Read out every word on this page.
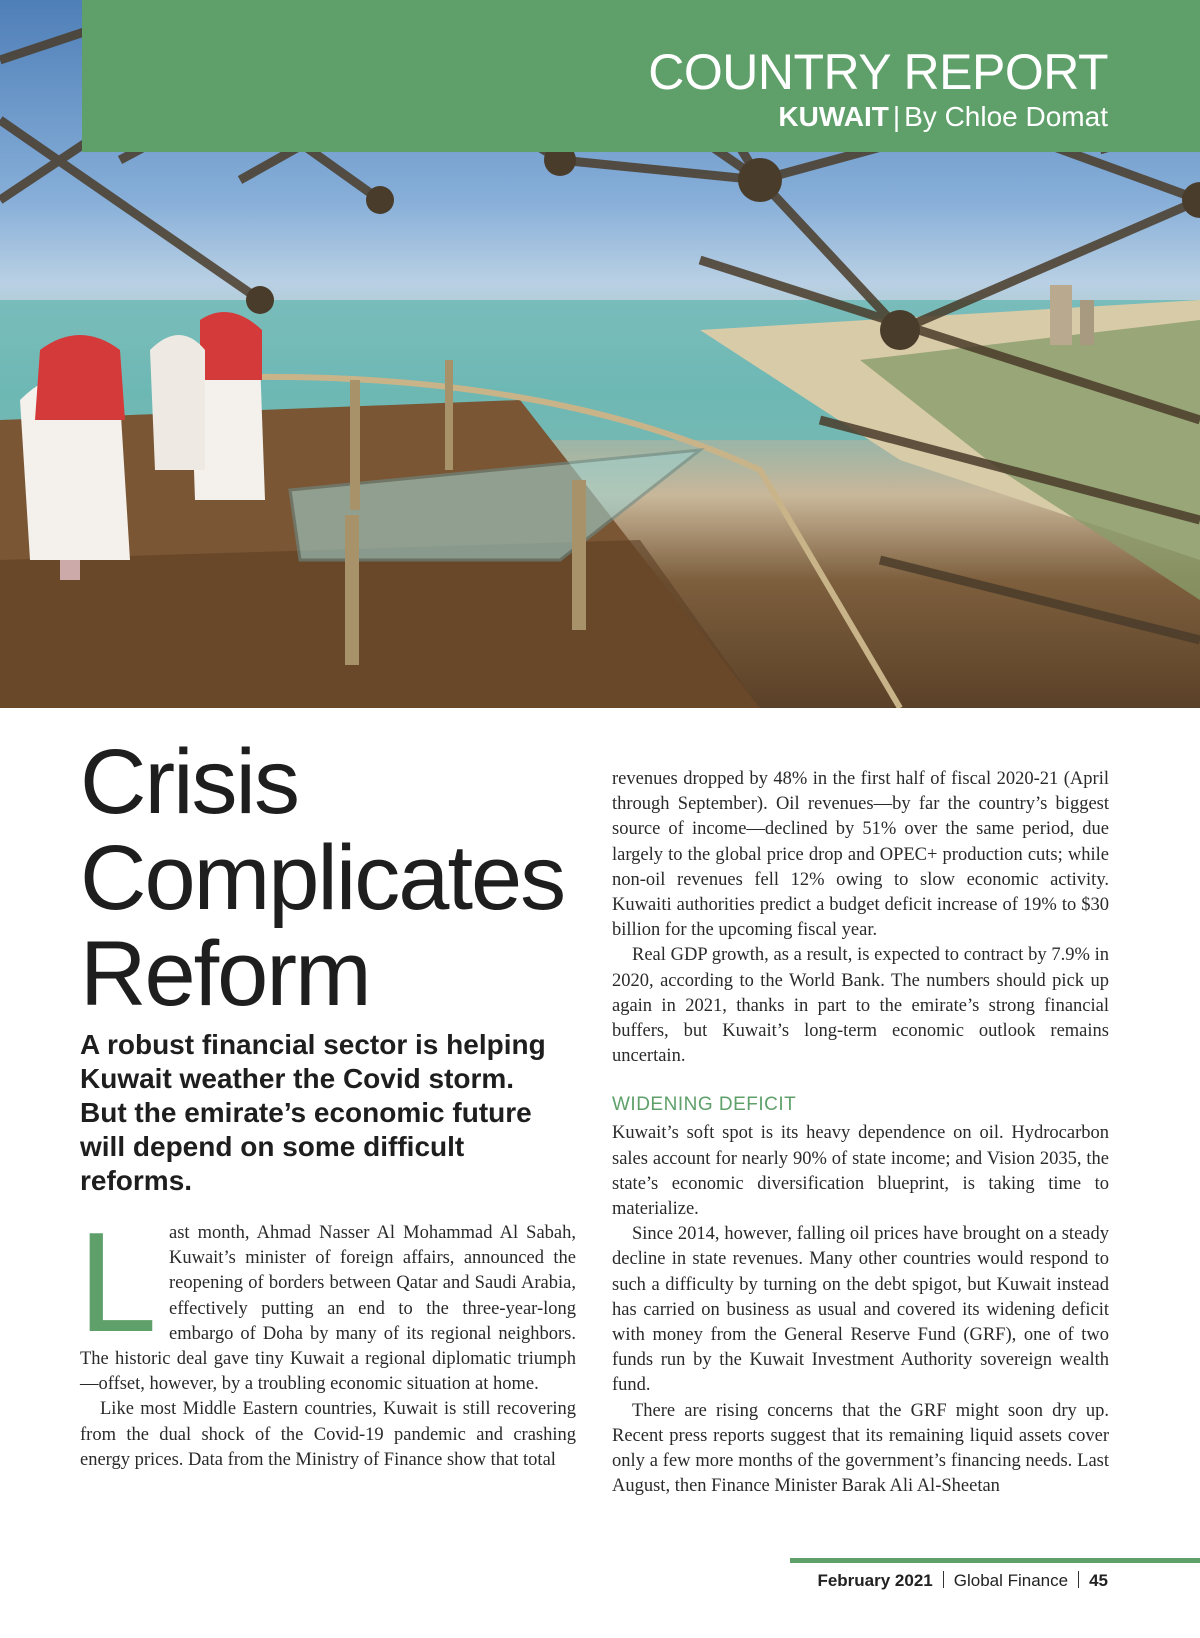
COUNTRY REPORT
KUWAIT | By Chloe Domat
Crisis
Complicates
Reform

A robust financial sector is helping Kuwait weather the Covid storm. But the emirate’s economic future will depend on some difficult reforms.

Last month, Ahmad Nasser Al Mohammad Al Sabah, Kuwait’s minister of foreign affairs, announced the reopening of borders between Qatar and Saudi Arabia, effectively putting an end to the three-year-long embargo of Doha by many of its regional neighbors. The historic deal gave tiny Kuwait a regional diplomatic triumph—offset, however, by a troubling economic situation at home.

Like most Middle Eastern countries, Kuwait is still recovering from the dual shock of the Covid-19 pandemic and crashing energy prices. Data from the Ministry of Finance show that total

revenues dropped by 48% in the first half of fiscal 2020-21 (April through September). Oil revenues—by far the country’s biggest source of income—declined by 51% over the same period, due largely to the global price drop and OPEC+ production cuts; while non-oil revenues fell 12% owing to slow economic activity. Kuwaiti authorities predict a budget deficit increase of 19% to $30 billion for the upcoming fiscal year.

Real GDP growth, as a result, is expected to contract by 7.9% in 2020, according to the World Bank. The numbers should pick up again in 2021, thanks in part to the emirate’s strong financial buffers, but Kuwait’s long-term economic outlook remains uncertain.

WIDENING DEFICIT

Kuwait’s soft spot is its heavy dependence on oil. Hydrocarbon sales account for nearly 90% of state income; and Vision 2035, the state’s economic diversification blueprint, is taking time to materialize.

Since 2014, however, falling oil prices have brought on a steady decline in state revenues. Many other countries would respond to such a difficulty by turning on the debt spigot, but Kuwait instead has carried on business as usual and covered its widening deficit with money from the General Reserve Fund (GRF), one of two funds run by the Kuwait Investment Authority sovereign wealth fund.

There are rising concerns that the GRF might soon dry up. Recent press reports suggest that its remaining liquid assets cover only a few more months of the government’s financing needs. Last August, then Finance Minister Barak Ali Al-Sheetan

February 2021 Global Finance 45
